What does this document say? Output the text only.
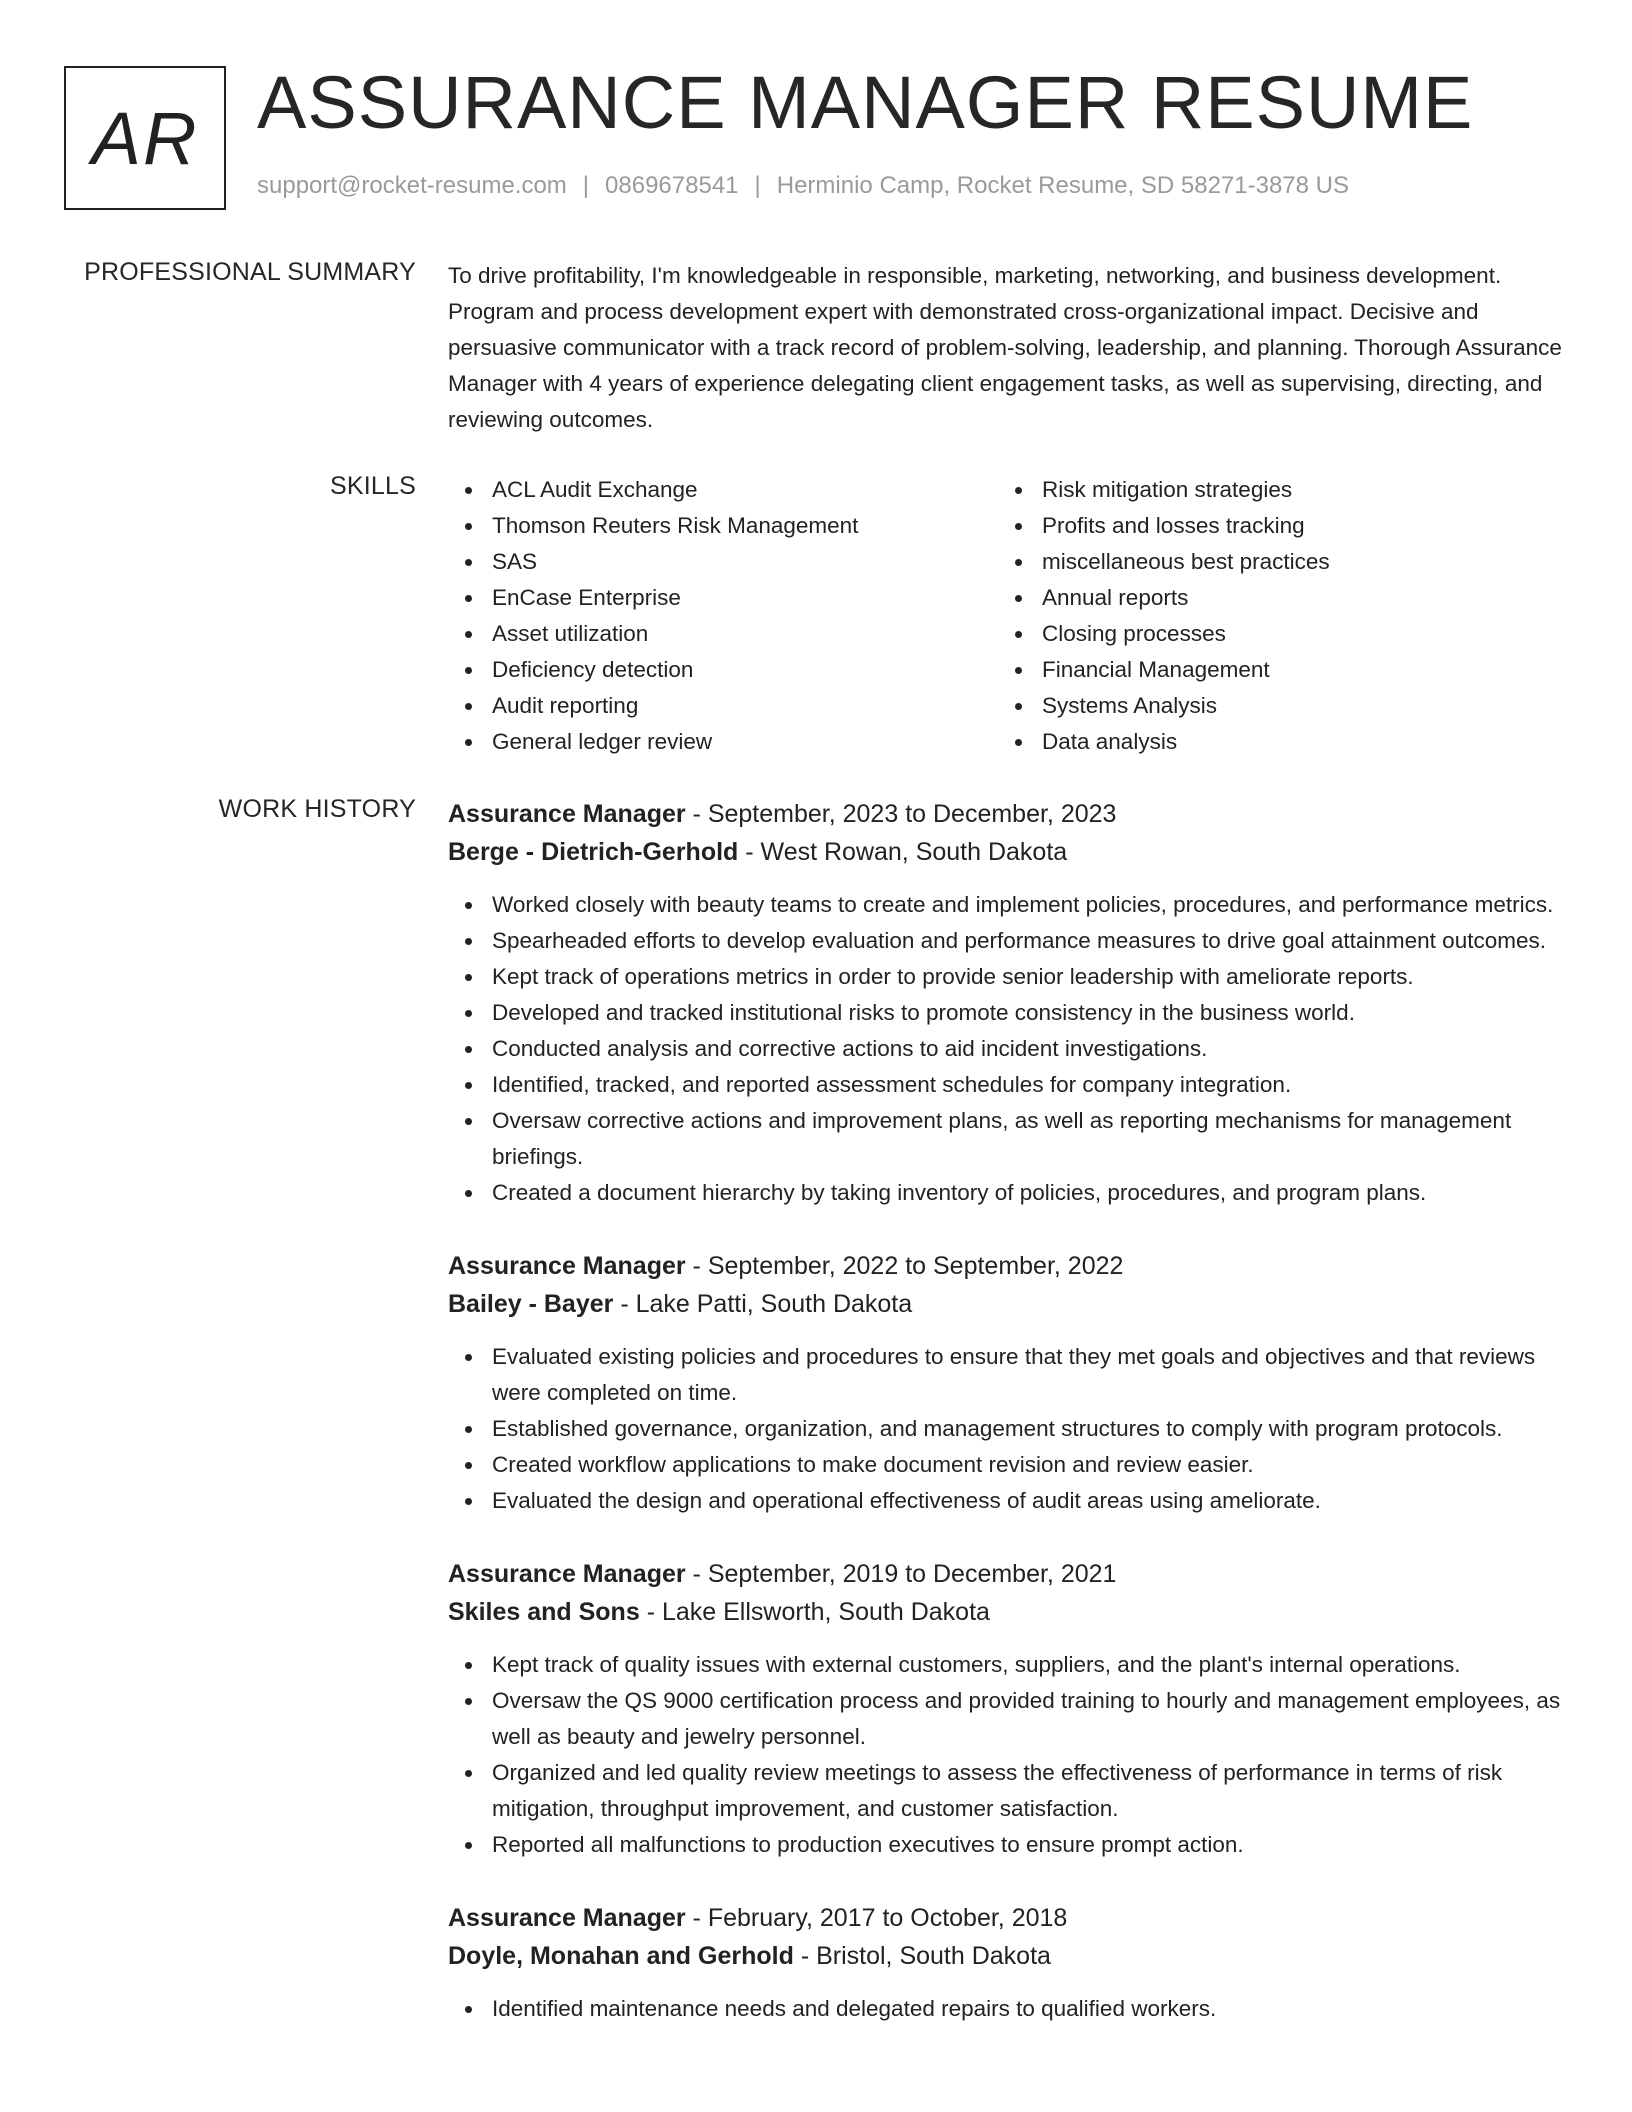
AR ASSURANCE MANAGER RESUME
support@rocket-resume.com | 0869678541 | Herminio Camp, Rocket Resume, SD 58271-3878 US
PROFESSIONAL SUMMARY To drive profitability, I'm knowledgeable in responsible, marketing, networking, and business development. Program and process development expert with demonstrated cross-organizational impact. Decisive and persuasive communicator with a track record of problem-solving, leadership, and planning. Thorough Assurance Manager with 4 years of experience delegating client engagement tasks, as well as supervising, directing, and reviewing outcomes.
SKILLS	ACL Audit Exchange
Thomson Reuters Risk Management
SAS
EnCase Enterprise
Asset utilization
Deficiency detection
Audit reporting
General ledger review
Risk mitigation strategies
Profits and losses tracking
miscellaneous best practices
Annual reports
Closing processes
Financial Management
Systems Analysis
Data analysis
WORK HISTORY Assurance Manager - September, 2023 to December, 2023
Berge - Dietrich-Gerhold - West Rowan, South Dakota
Worked closely with beauty teams to create and implement policies, procedures, and performance metrics.
Spearheaded efforts to develop evaluation and performance measures to drive goal attainment outcomes.
Kept track of operations metrics in order to provide senior leadership with ameliorate reports.
Developed and tracked institutional risks to promote consistency in the business world.
Conducted analysis and corrective actions to aid incident investigations.
Identified, tracked, and reported assessment schedules for company integration.
Oversaw corrective actions and improvement plans, as well as reporting mechanisms for management briefings.
Created a document hierarchy by taking inventory of policies, procedures, and program plans.
Assurance Manager - September, 2022 to September, 2022
Bailey - Bayer - Lake Patti, South Dakota
Evaluated existing policies and procedures to ensure that they met goals and objectives and that reviews were completed on time.
Established governance, organization, and management structures to comply with program protocols.
Created workflow applications to make document revision and review easier.
Evaluated the design and operational effectiveness of audit areas using ameliorate.
Assurance Manager - September, 2019 to December, 2021
Skiles and Sons - Lake Ellsworth, South Dakota
Kept track of quality issues with external customers, suppliers, and the plant's internal operations.
Oversaw the QS 9000 certification process and provided training to hourly and management employees, as well as beauty and jewelry personnel.
Organized and led quality review meetings to assess the effectiveness of performance in terms of risk mitigation, throughput improvement, and customer satisfaction.
Reported all malfunctions to production executives to ensure prompt action.
Assurance Manager - February, 2017 to October, 2018
Doyle, Monahan and Gerhold - Bristol, South Dakota
Identified maintenance needs and delegated repairs to qualified workers.
